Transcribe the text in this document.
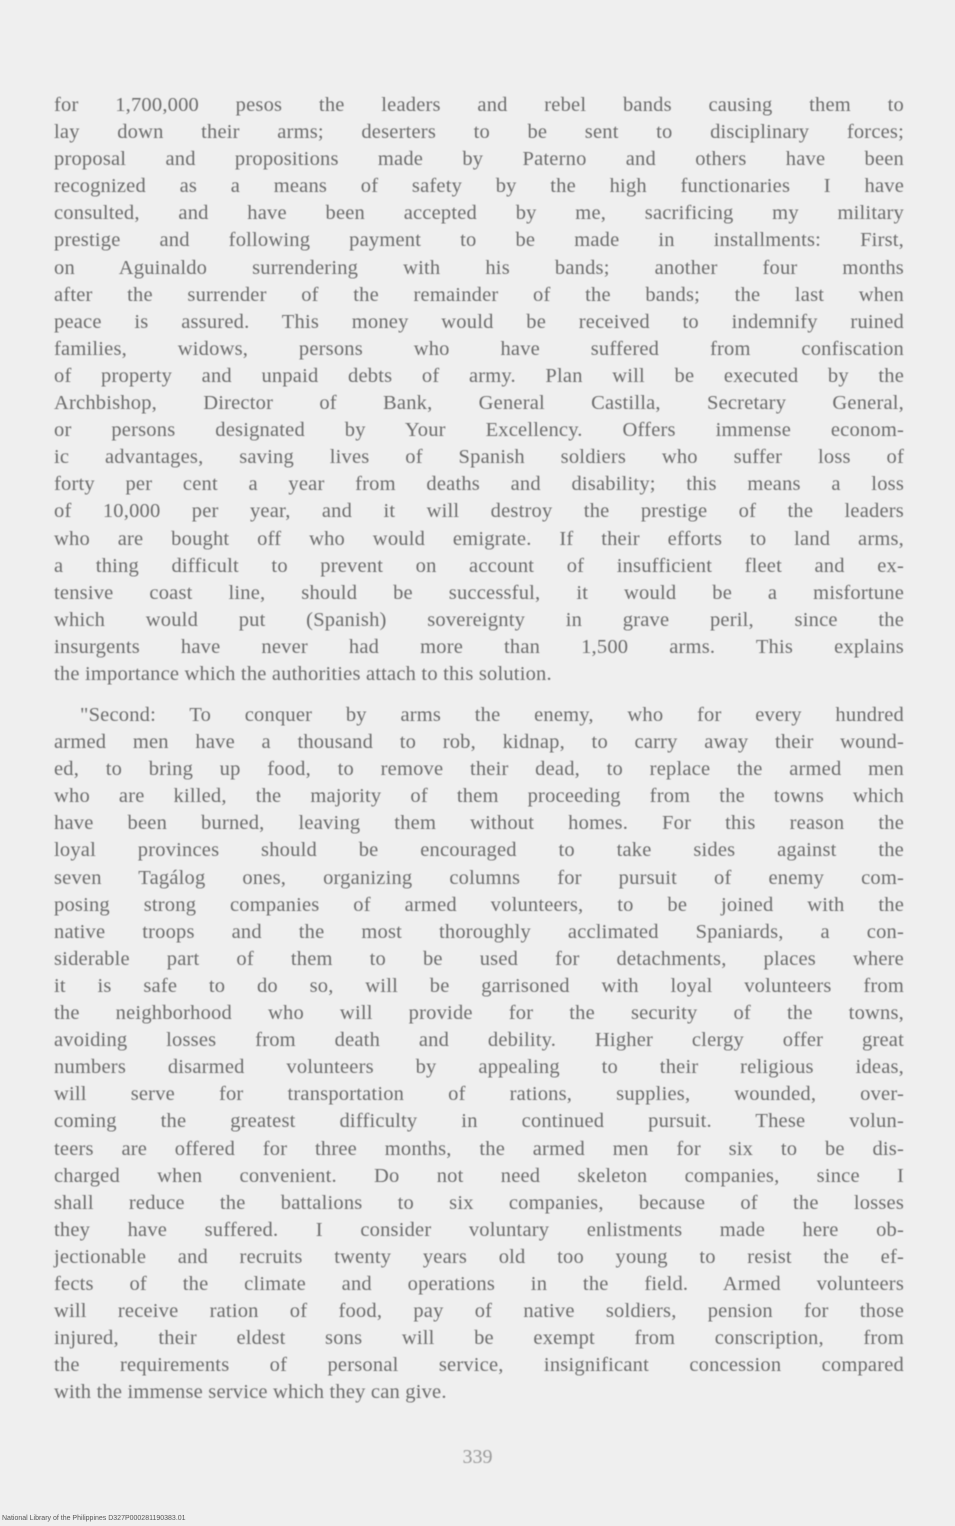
for 1,700,000 pesos the leaders and rebel bands causing them to
lay down their arms; deserters to be sent to disciplinary forces;
proposal and propositions made by Paterno and others have been
recognized as a means of safety by the high functionaries I have
consulted, and have been accepted by me, sacrificing my military
prestige and following payment to be made in installments: First,
on Aguinaldo surrendering with his bands; another four months
after the surrender of the remainder of the bands; the last when
peace is assured. This money would be received to indemnify ruined
families, widows, persons who have suffered from confiscation
of property and unpaid debts of army. Plan will be executed by the
Archbishop, Director of Bank, General Castilla, Secretary General,
or persons designated by Your Excellency. Offers immense econom-
ic advantages, saving lives of Spanish soldiers who suffer loss of
forty per cent a year from deaths and disability; this means a loss
of 10,000 per year, and it will destroy the prestige of the leaders
who are bought off who would emigrate. If their efforts to land arms,
a thing difficult to prevent on account of insufficient fleet and ex-
tensive coast line, should be successful, it would be a misfortune
which would put (Spanish) sovereignty in grave peril, since the
insurgents have never had more than 1,500 arms. This explains
the importance which the authorities attach to this solution.
"Second: To conquer by arms the enemy, who for every hundred
armed men have a thousand to rob, kidnap, to carry away their wound-
ed, to bring up food, to remove their dead, to replace the armed men
who are killed, the majority of them proceeding from the towns which
have been burned, leaving them without homes. For this reason the
loyal provinces should be encouraged to take sides against the
seven Tagálog ones, organizing columns for pursuit of enemy com-
posing strong companies of armed volunteers, to be joined with the
native troops and the most thoroughly acclimated Spaniards, a con-
siderable part of them to be used for detachments, places where
it is safe to do so, will be garrisoned with loyal volunteers from
the neighborhood who will provide for the security of the towns,
avoiding losses from death and debility. Higher clergy offer great
numbers disarmed volunteers by appealing to their religious ideas,
will serve for transportation of rations, supplies, wounded, over-
coming the greatest difficulty in continued pursuit. These volun-
teers are offered for three months, the armed men for six to be dis-
charged when convenient. Do not need skeleton companies, since I
shall reduce the battalions to six companies, because of the losses
they have suffered. I consider voluntary enlistments made here ob-
jectionable and recruits twenty years old too young to resist the ef-
fects of the climate and operations in the field. Armed volunteers
will receive ration of food, pay of native soldiers, pension for those
injured, their eldest sons will be exempt from conscription, from
the requirements of personal service, insignificant concession compared
with the immense service which they can give.
339
National Library of the Philippines D327P000281190383.01
